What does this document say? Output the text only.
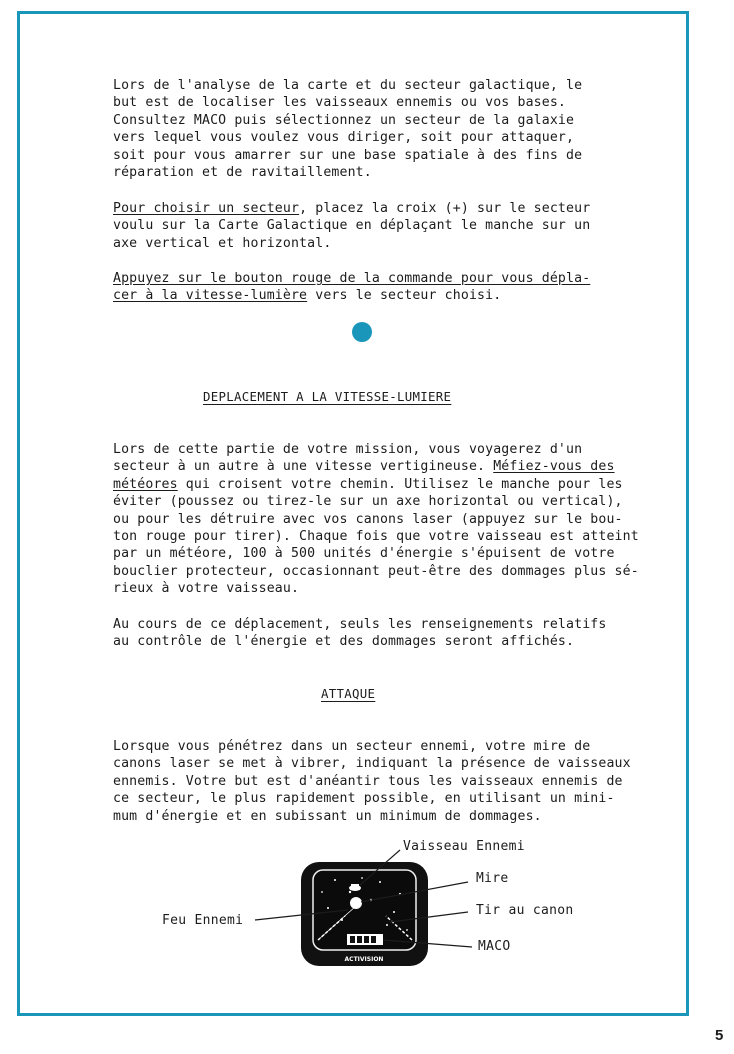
Lors de l'analyse de la carte et du secteur galactique, le
but est de localiser les vaisseaux ennemis ou vos bases.
Consultez MACO puis sélectionnez un secteur de la galaxie
vers lequel vous voulez vous diriger, soit pour attaquer,
soit pour vous amarrer sur une base spatiale à des fins de
réparation et de ravitaillement.
Pour choisir un secteur, placez la croix (+) sur le secteur
voulu sur la Carte Galactique en déplaçant le manche sur un
axe vertical et horizontal.
Appuyez sur le bouton rouge de la commande pour vous dépla-
cer à la vitesse-lumière vers le secteur choisi.
DEPLACEMENT A LA VITESSE-LUMIERE
Lors de cette partie de votre mission, vous voyagerez d'un
secteur à un autre à une vitesse vertigineuse. Méfiez-vous des
météores qui croisent votre chemin. Utilisez le manche pour les
éviter (poussez ou tirez-le sur un axe horizontal ou vertical),
ou pour les détruire avec vos canons laser (appuyez sur le bou-
ton rouge pour tirer). Chaque fois que votre vaisseau est atteint
par un météore, 100 à 500 unités d'énergie s'épuisent de votre
bouclier protecteur, occasionnant peut-être des dommages plus sé-
rieux à votre vaisseau.
Au cours de ce déplacement, seuls les renseignements relatifs
au contrôle de l'énergie et des dommages seront affichés.
ATTAQUE
Lorsque vous pénétrez dans un secteur ennemi, votre mire de
canons laser se met à vibrer, indiquant la présence de vaisseaux
ennemis. Votre but est d'anéantir tous les vaisseaux ennemis de
ce secteur, le plus rapidement possible, en utilisant un mini-
mum d'énergie et en subissant un minimum de dommages.
ACTIVISION
Vaisseau Ennemi
Mire
Feu Ennemi
Tir au canon
MACO
5
